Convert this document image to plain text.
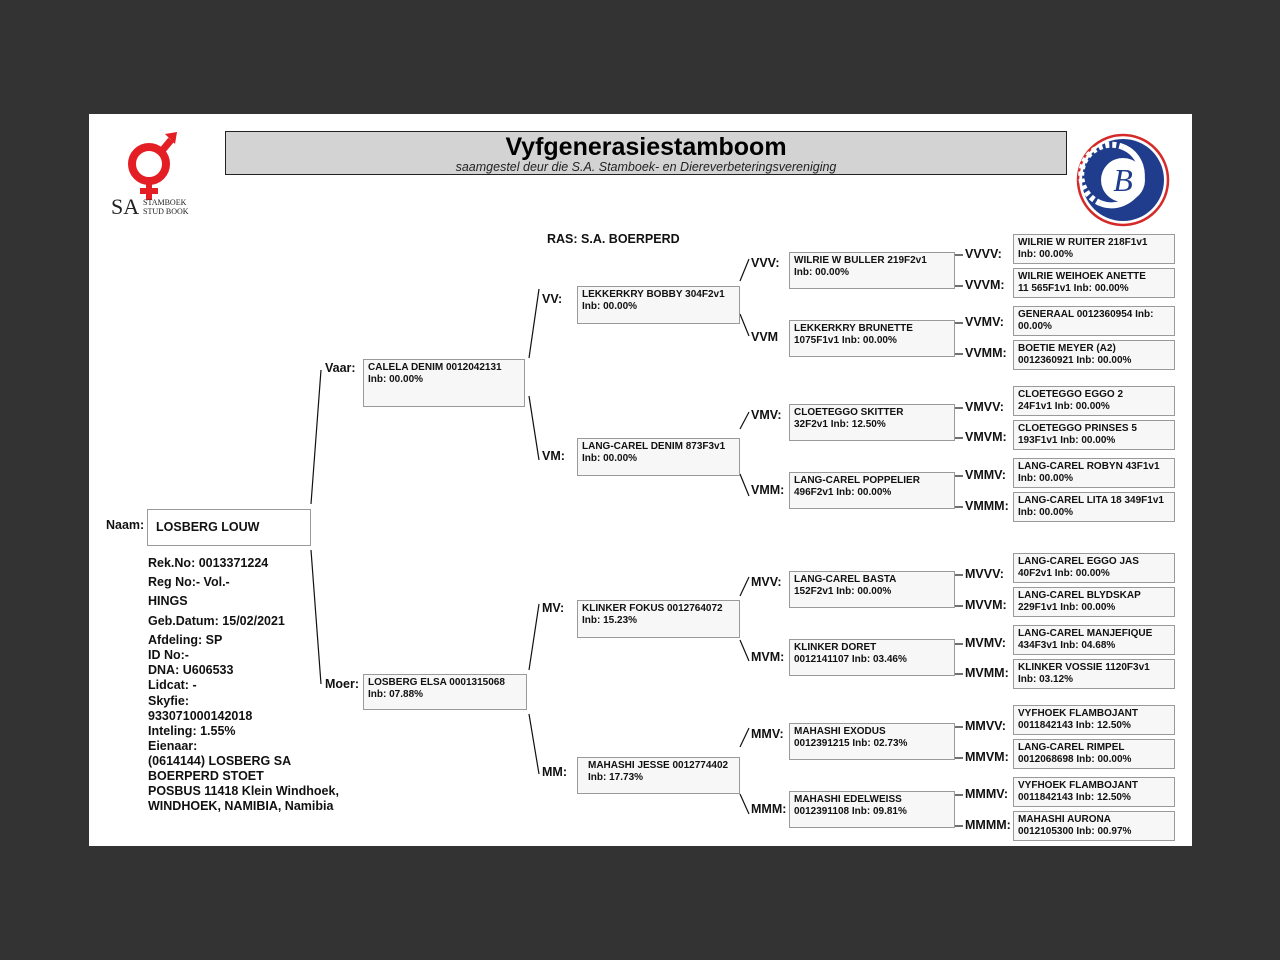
SA STAMBOEK
STUD BOOK
Vyfgenerasiestamboom
saamgestel deur die S.A. Stamboek- en Diereverbeteringsvereniging	B
RAS: S.A. BOERPERD
Naam: LOSBERG LOUW
Rek.No: 0013371224
Reg No:- Vol.-
HINGS
Geb.Datum: 15/02/2021
Afdeling: SP
ID No:-
DNA: U606533
Lidcat: -
Skyfie:
933071000142018
Inteling: 1.55%
Eienaar:
(0614144) LOSBERG SA
BOERPERD STOET
POSBUS 11418 Klein Windhoek,
WINDHOEK, NAMIBIA, Namibia
Vaar: CALELA DENIM 0012042131
Inb: 00.00%
Moer: LOSBERG ELSA 0001315068
Inb: 07.88%
VV: LEKKERKRY BOBBY 304F2v1
Inb: 00.00%
VM:
LANG-CAREL DENIM 873F3v1
Inb: 00.00%
MV: KLINKER FOKUS 0012764072
Inb: 15.23%
MM: MAHASHI JESSE 0012774402
Inb: 17.73%
VVV: WILRIE W BULLER 219F2v1
Inb: 00.00%
VVM
LEKKERKRY BRUNETTE
1075F1v1 Inb: 00.00%
VMV: CLOETEGGO SKITTER
32F2v1 Inb: 12.50%
VMM:
LANG-CAREL POPPELIER
496F2v1 Inb: 00.00%
MVV: LANG-CAREL BASTA
152F2v1 Inb: 00.00%
MVM:
KLINKER DORET
0012141107 Inb: 03.46%
MMV: MAHASHI EXODUS
0012391215 Inb: 02.73%
MMM:
MAHASHI EDELWEISS
0012391108 Inb: 09.81%
VVVV:
WILRIE W RUITER 218F1v1
Inb: 00.00%
VVVM:
WILRIE WEIHOEK ANETTE
11 565F1v1 Inb: 00.00%
VVMV:
GENERAAL 0012360954 Inb:
00.00%
VVMM: BOETIE MEYER (A2)
0012360921 Inb: 00.00%
VMVV:
CLOETEGGO EGGO 2
24F1v1 Inb: 00.00%
VMVM:
CLOETEGGO PRINSES 5
193F1v1 Inb: 00.00%
VMMV:
LANG-CAREL ROBYN 43F1v1
Inb: 00.00%
VMMM: LANG-CAREL LITA 18 349F1v1
Inb: 00.00%
MVVV:
LANG-CAREL EGGO JAS
40F2v1 Inb: 00.00%
MVVM:
LANG-CAREL BLYDSKAP
229F1v1 Inb: 00.00%
MVMV:
LANG-CAREL MANJEFIQUE
434F3v1 Inb: 04.68%
MVMM: KLINKER VOSSIE 1120F3v1
Inb: 03.12%
MMVV:
VYFHOEK FLAMBOJANT
0011842143 Inb: 12.50%
MMVM:
LANG-CAREL RIMPEL
0012068698 Inb: 00.00%
MMMV:
VYFHOEK FLAMBOJANT
0011842143 Inb: 12.50%
MMMM: MAHASHI AURONA
0012105300 Inb: 00.97%
